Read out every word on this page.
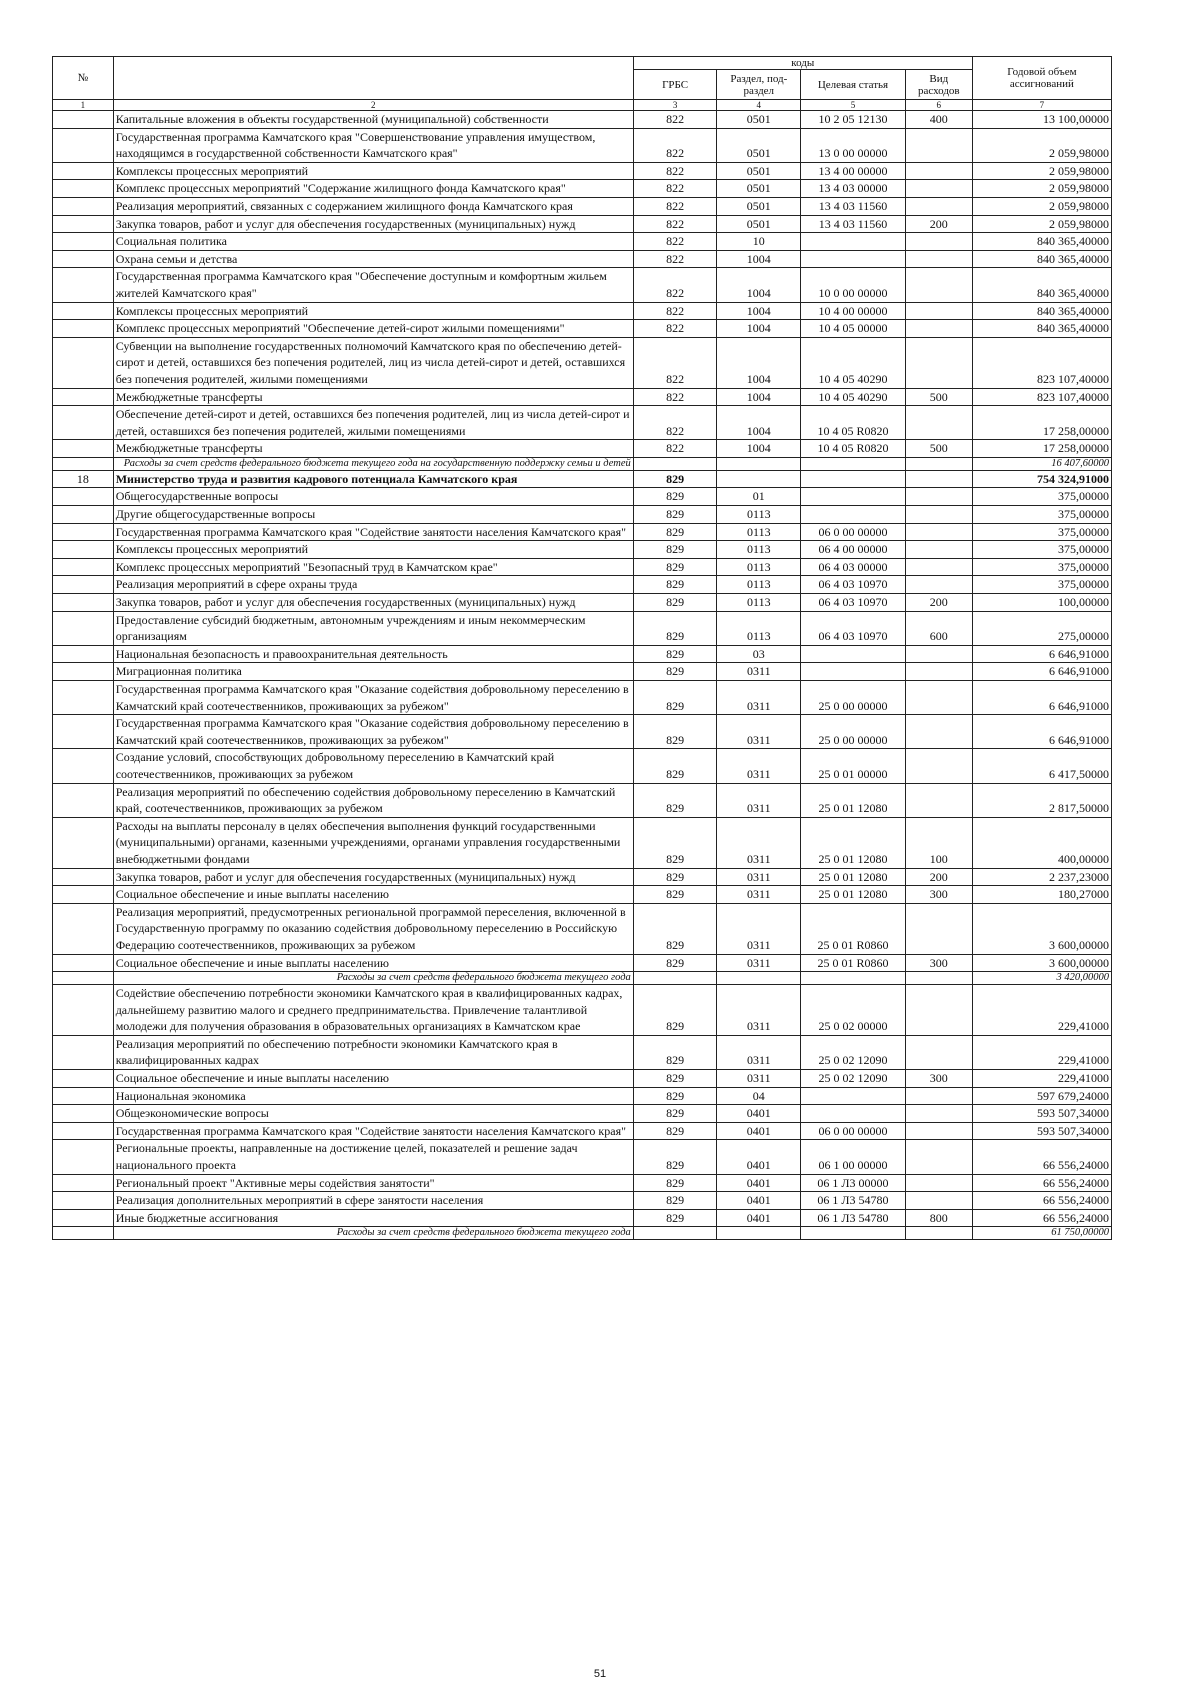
№		коды				Годовой объем ассигнований
		ГРБС	Раздел, под-раздел	Целевая статья	Вид расходов	
1	2	3	4	5	6	7
	Капитальные вложения в объекты государственной (муниципальной) собственности	822	0501	10 2 05 12130	400	13 100,00000
	Государственная программа Камчатского края "Совершенствование управления имуществом, находящимся в государственной собственности Камчатского края"	822	0501	13 0 00 00000		2 059,98000
	Комплексы процессных мероприятий	822	0501	13 4 00 00000		2 059,98000
	Комплекс процессных мероприятий "Содержание жилищного фонда Камчатского края"	822	0501	13 4 03 00000		2 059,98000
	Реализация мероприятий, связанных с содержанием жилищного фонда Камчатского края	822	0501	13 4 03 11560		2 059,98000
	Закупка товаров, работ и услуг для обеспечения государственных (муниципальных) нужд	822	0501	13 4 03 11560	200	2 059,98000
	Социальная политика	822	10			840 365,40000
	Охрана семьи и детства	822	1004			840 365,40000
	Государственная программа Камчатского края "Обеспечение доступным и комфортным жильем жителей Камчатского края"	822	1004	10 0 00 00000		840 365,40000
	Комплексы процессных мероприятий	822	1004	10 4 00 00000		840 365,40000
	Комплекс процессных мероприятий "Обеспечение детей-сирот жилыми помещениями"	822	1004	10 4 05 00000		840 365,40000
	Субвенции на выполнение государственных полномочий Камчатского края по обеспечению детей-сирот и детей, оставшихся без попечения родителей, лиц из числа детей-сирот и детей, оставшихся без попечения родителей, жилыми помещениями	822	1004	10 4 05 40290		823 107,40000
	Межбюджетные трансферты	822	1004	10 4 05 40290	500	823 107,40000
	Обеспечение детей-сирот и детей, оставшихся без попечения родителей, лиц из числа детей-сирот и детей, оставшихся без попечения родителей, жилыми помещениями	822	1004	10 4 05 R0820		17 258,00000
	Межбюджетные трансферты	822	1004	10 4 05 R0820	500	17 258,00000
	Расходы за счет средств федерального бюджета текущего года на государственную поддержку семьи и детей					16 407,60000
18	Министерство труда и развития кадрового потенциала Камчатского края	829				754 324,91000
	Общегосударственные вопросы	829	01			375,00000
	Другие общегосударственные вопросы	829	0113			375,00000
	Государственная программа Камчатского края "Содействие занятости населения Камчатского края"	829	0113	06 0 00 00000		375,00000
	Комплексы процессных мероприятий	829	0113	06 4 00 00000		375,00000
	Комплекс процессных мероприятий "Безопасный труд в Камчатском крае"	829	0113	06 4 03 00000		375,00000
	Реализация мероприятий в сфере охраны труда	829	0113	06 4 03 10970		375,00000
	Закупка товаров, работ и услуг для обеспечения государственных (муниципальных) нужд	829	0113	06 4 03 10970	200	100,00000
	Предоставление субсидий бюджетным, автономным учреждениям и иным некоммерческим организациям	829	0113	06 4 03 10970	600	275,00000
	Национальная безопасность и правоохранительная деятельность	829	03			6 646,91000
	Миграционная политика	829	0311			6 646,91000
	Государственная программа Камчатского края "Оказание содействия добровольному переселению в Камчатский край соотечественников, проживающих за рубежом"	829	0311	25 0 00 00000		6 646,91000
	Государственная программа Камчатского края "Оказание содействия добровольному переселению в Камчатский край соотечественников, проживающих за рубежом"	829	0311	25 0 00 00000		6 646,91000
	Создание условий, способствующих добровольному переселению в Камчатский край соотечественников, проживающих за рубежом	829	0311	25 0 01 00000		6 417,50000
	Реализация мероприятий по обеспечению содействия добровольному переселению в Камчатский край, соотечественников, проживающих за рубежом	829	0311	25 0 01 12080		2 817,50000
	Расходы на выплаты персоналу в целях обеспечения выполнения функций государственными (муниципальными) органами, казенными учреждениями, органами управления государственными внебюджетными фондами	829	0311	25 0 01 12080	100	400,00000
	Закупка товаров, работ и услуг для обеспечения государственных (муниципальных) нужд	829	0311	25 0 01 12080	200	2 237,23000
	Социальное обеспечение и иные выплаты населению	829	0311	25 0 01 12080	300	180,27000
	Реализация мероприятий, предусмотренных региональной программой переселения, включенной в Государственную программу по оказанию содействия добровольному переселению в Российскую Федерацию соотечественников, проживающих за рубежом	829	0311	25 0 01 R0860		3 600,00000
	Социальное обеспечение и иные выплаты населению	829	0311	25 0 01 R0860	300	3 600,00000
	Расходы за счет средств федерального бюджета текущего года					3 420,00000
	Содействие обеспечению потребности экономики Камчатского края в квалифицированных кадрах, дальнейшему развитию малого и среднего предпринимательства. Привлечение талантливой молодежи для получения образования в образовательных организациях в Камчатском крае	829	0311	25 0 02 00000		229,41000
	Реализация мероприятий по обеспечению потребности экономики Камчатского края в квалифицированных кадрах	829	0311	25 0 02 12090		229,41000
	Социальное обеспечение и иные выплаты населению	829	0311	25 0 02 12090	300	229,41000
	Национальная экономика	829	04			597 679,24000
	Общеэкономические вопросы	829	0401			593 507,34000
	Государственная программа Камчатского края "Содействие занятости населения Камчатского края"	829	0401	06 0 00 00000		593 507,34000
	Региональные проекты, направленные на достижение целей, показателей и решение задач национального проекта	829	0401	06 1 00 00000		66 556,24000
	Региональный проект "Активные меры содействия занятости"	829	0401	06 1 Л3 00000		66 556,24000
	Реализация дополнительных мероприятий в сфере занятости населения	829	0401	06 1 Л3 54780		66 556,24000
	Иные бюджетные ассигнования	829	0401	06 1 Л3 54780	800	66 556,24000
	Расходы за счет средств федерального бюджета текущего года					61 750,00000
51
